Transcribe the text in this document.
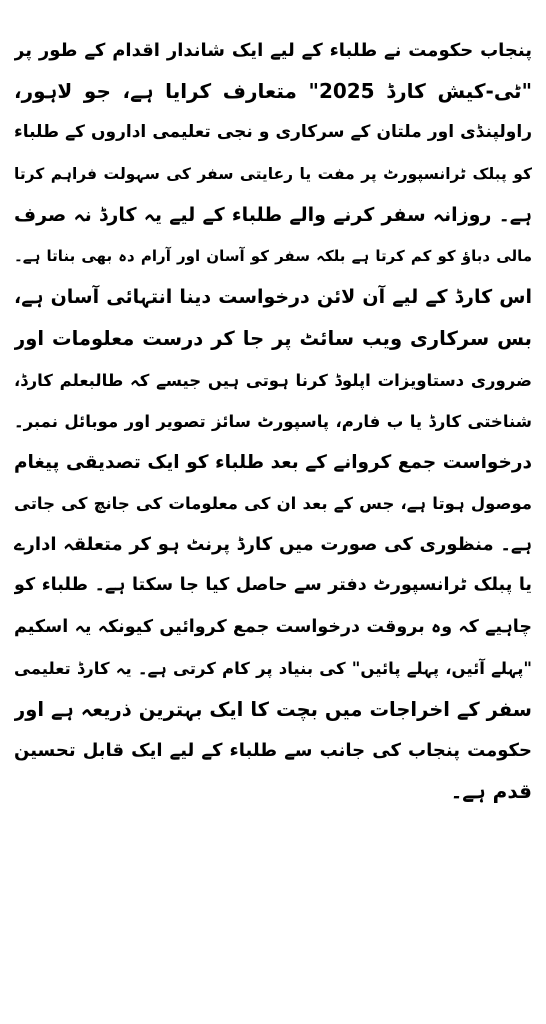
پنجاب حکومت نے طلباء کے لیے ایک شاندار اقدام کے طور پر
"ٹی-کیش کارڈ 2025" متعارف کرایا ہے، جو لاہور،
راولپنڈی اور ملتان کے سرکاری و نجی تعلیمی اداروں کے طلباء
کو پبلک ٹرانسپورٹ پر مفت یا رعایتی سفر کی سہولت فراہم کرتا
ہے۔ روزانہ سفر کرنے والے طلباء کے لیے یہ کارڈ نہ صرف
مالی دباؤ کو کم کرتا ہے بلکہ سفر کو آسان اور آرام دہ بھی بناتا ہے۔
اس کارڈ کے لیے آن لائن درخواست دینا انتہائی آسان ہے،
بس سرکاری ویب سائٹ پر جا کر درست معلومات اور
ضروری دستاویزات اپلوڈ کرنا ہوتی ہیں جیسے کہ طالبعلم کارڈ،
شناختی کارڈ یا ب فارم، پاسپورٹ سائز تصویر اور موبائل نمبر۔
درخواست جمع کروانے کے بعد طلباء کو ایک تصدیقی پیغام
موصول ہوتا ہے، جس کے بعد ان کی معلومات کی جانچ کی جاتی
ہے۔ منظوری کی صورت میں کارڈ پرنٹ ہو کر متعلقہ ادارے
یا پبلک ٹرانسپورٹ دفتر سے حاصل کیا جا سکتا ہے۔ طلباء کو
چاہیے کہ وہ بروقت درخواست جمع کروائیں کیونکہ یہ اسکیم
"پہلے آئیں، پہلے پائیں" کی بنیاد پر کام کرتی ہے۔ یہ کارڈ تعلیمی
سفر کے اخراجات میں بچت کا ایک بہترین ذریعہ ہے اور
حکومت پنجاب کی جانب سے طلباء کے لیے ایک قابل تحسین
قدم ہے۔
